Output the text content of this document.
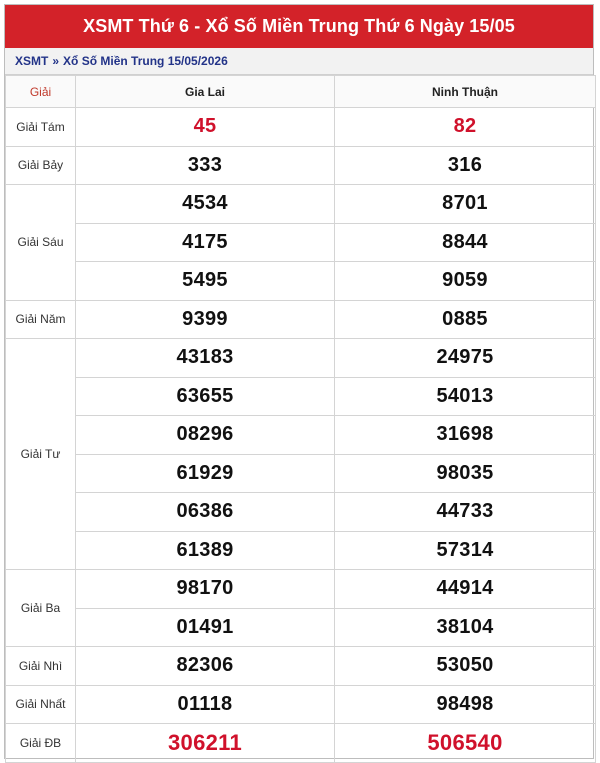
XSMT Thứ 6 - Xổ Số Miền Trung Thứ 6 Ngày 15/05
XSMT » Xổ Số Miền Trung 15/05/2026
Giải	Gia Lai	Ninh Thuận
Giải Tám	45	82
Giải Bảy	333	316
Giải Sáu	4534	8701
	4175	8844
	5495	9059
Giải Năm	9399	0885
Giải Tư	43183	24975
	63655	54013
	08296	31698
	61929	98035
	06386	44733
	61389	57314
Giải Ba	98170	44914
	01491	38104
Giải Nhì	82306	53050
Giải Nhất	01118	98498
Giải ĐB	306211	506540
